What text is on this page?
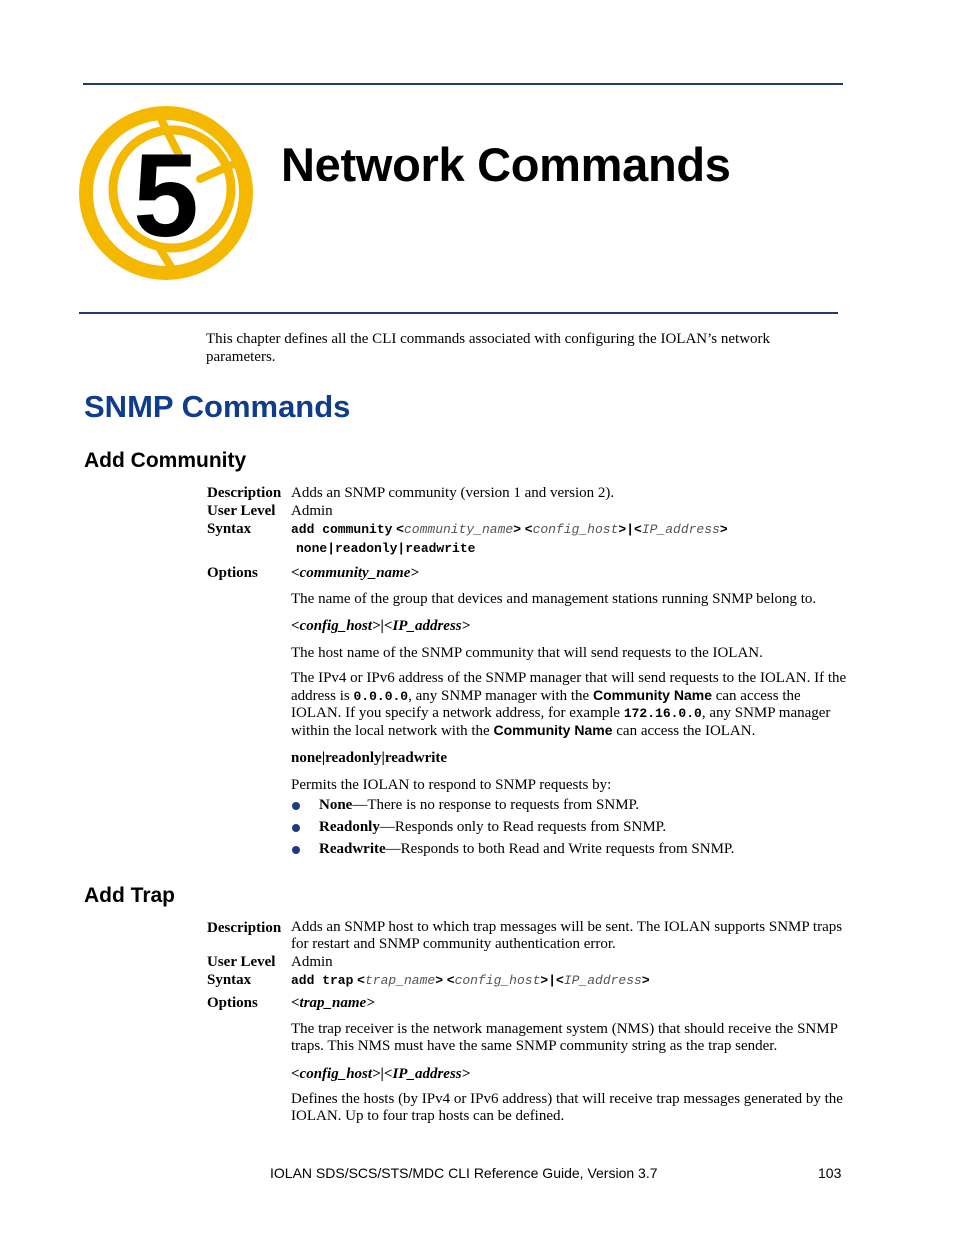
5 Network Commands

This chapter defines all the CLI commands associated with configuring the IOLAN’s network parameters.

SNMP Commands
Add Community
Description Adds an SNMP community (version 1 and version 2).
User Level Admin
Syntax	add community <community_name> <config_host>|<IP_address>
none|readonly|readwrite
Options <community_name>

The name of the group that devices and management stations running SNMP belong to.

<config_host>|<IP_address>

The host name of the SNMP community that will send requests to the IOLAN.

The IPv4 or IPv6 address of the SNMP manager that will send requests to the IOLAN. If the address is 0.0.0.0, any SNMP manager with the Community Name can access the IOLAN. If you specify a network address, for example 172.16.0.0, any SNMP manager within the local network with the Community Name can access the IOLAN.

none|readonly|readwrite

Permits the IOLAN to respond to SNMP requests by:

None—There is no response to requests from SNMP.
Readonly—Responds only to Read requests from SNMP.
Readwrite—Responds to both Read and Write requests from SNMP.
Add Trap
Description Adds an SNMP host to which trap messages will be sent. The IOLAN supports SNMP traps for restart and SNMP community authentication error.
User Level Admin
Syntax	add trap <trap_name> <config_host>|<IP_address>
Options <trap_name>

The trap receiver is the network management system (NMS) that should receive the SNMP traps. This NMS must have the same SNMP community string as the trap sender.

<config_host>|<IP_address>

Defines the hosts (by IPv4 or IPv6 address) that will receive trap messages generated by the IOLAN. Up to four trap hosts can be defined.

IOLAN SDS/SCS/STS/MDC CLI Reference Guide, Version 3.7	103
